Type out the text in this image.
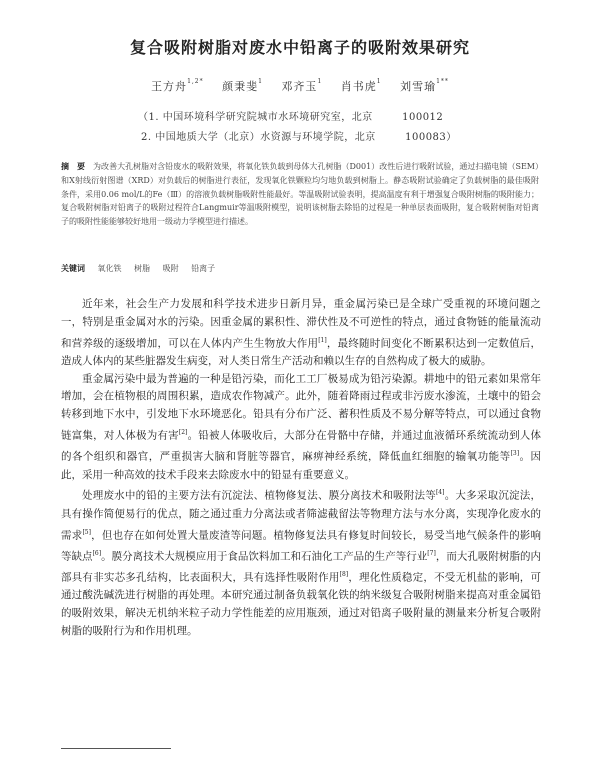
复合吸附树脂对废水中铅离子的吸附效果研究
王方舟$^{1,2*}$ 颜秉斐$^1$ 邓齐玉$^1$ 肖书虎$^1$ 刘雪瑜$^{1**}$
（1. 中国环境科学研究院城市水环境研究室，北京	100012
2. 中国地质大学（北京）水资源与环境学院，北京	100083）
摘　要 为改善大孔树脂对含铅废水的吸附效果，将氧化铁负载到母体大孔树脂（D001）改性后进行吸附试验，通过扫描电镜（SEM）和X射线衍射图谱（XRD）对负载后的树脂进行表征，发现氧化铁颗粒均匀地负载到树脂上。静态吸附试验确定了负载树脂的最佳吸附条件，采用0.06 mol/L的Fe（Ⅲ）的溶液负载树脂吸附性能最好。等温吸附试验表明，提高温度有利于增强复合吸附树脂的吸附能力；复合吸附树脂对铅离子的吸附过程符合Langmuir等温吸附模型，说明该树脂去除铅的过程是一种单层表面吸附，复合吸附树脂对铅离子的吸附性能能够较好地用一级动力学模型进行描述。
关键词 氧化铁 树脂 吸附 铅离子

近年来，社会生产力发展和科学技术进步日新月异，重金属污染已是全球广受重视的环境问题之一，特别是重金属对水的污染。因重金属的累积性、滞伏性及不可逆性的特点，通过食物链的能量流动和营养级的逐级增加，可以在人体内产生生物放大作用[1]，最终随时间变化不断累积达到一定数值后，造成人体内的某些脏器发生病变，对人类日常生产活动和赖以生存的自然构成了极大的威胁。

重金属污染中最为普遍的一种是铅污染，而化工工厂极易成为铅污染源。耕地中的铅元素如果常年增加，会在植物根的周围积累，造成农作物减产。此外，随着降雨过程或非污废水渗流，土壤中的铅会转移到地下水中，引发地下水环境恶化。铅具有分布广泛、蓄积性质及不易分解等特点，可以通过食物链富集，对人体极为有害[2]。铅被人体吸收后，大部分在骨骼中存储，并通过血液循环系统流动到人体的各个组织和器官，严重损害大脑和肾脏等器官，麻痹神经系统，降低血红细胞的输氧功能等[3]。因此，采用一种高效的技术手段来去除废水中的铅显有重要意义。

处理废水中的铅的主要方法有沉淀法、植物修复法、膜分离技术和吸附法等[4]。大多采取沉淀法，具有操作简便易行的优点，随之通过重力分离法或者筛滤截留法等物理方法与水分离，实现净化废水的需求[5]，但也存在如何处置大量废渣等问题。植物修复法具有修复时间较长，易受当地气候条件的影响等缺点[6]。膜分离技术大规模应用于食品饮料加工和石油化工产品的生产等行业[7]，而大孔吸附树脂的内部具有非实芯多孔结构，比表面积大，具有选择性吸附作用[8]，理化性质稳定，不受无机盐的影响，可通过酸洗碱洗进行树脂的再处理。本研究通过制备负载氧化铁的纳米级复合吸附树脂来提高对重金属铅的吸附效果，解决无机纳米粒子动力学性能差的应用瓶颈，通过对铅离子吸附量的测量来分析复合吸附树脂的吸附行为和作用机理。
